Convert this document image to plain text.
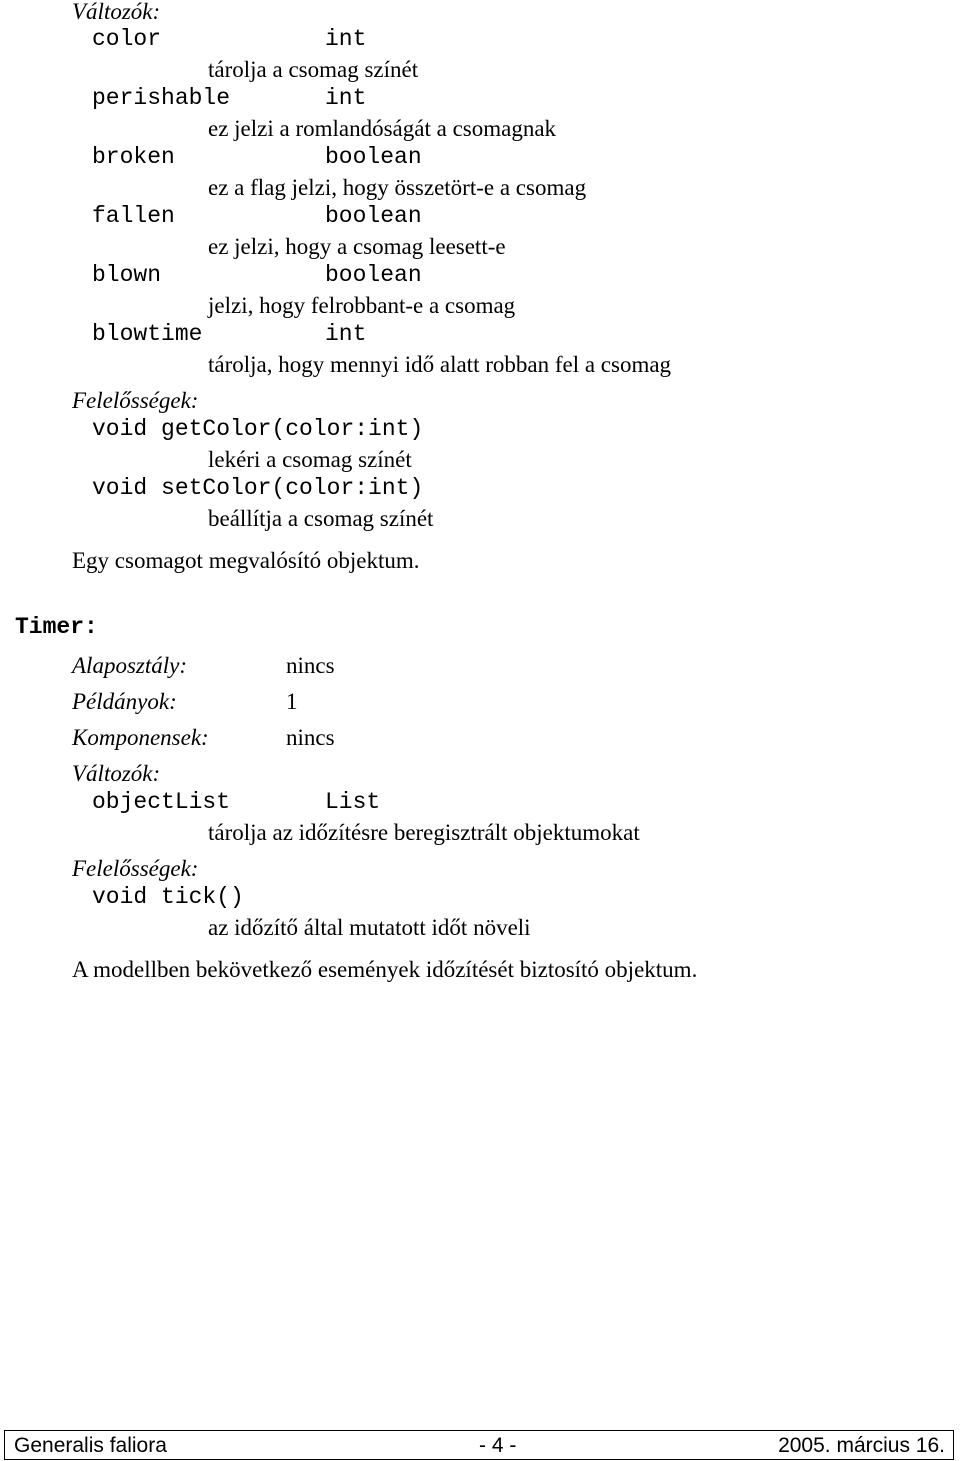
Változók:
color	int
tárolja a csomag színét
perishable	int
ez jelzi a romlandóságát a csomagnak
broken	boolean
ez a flag jelzi, hogy összetört-e a csomag
fallen	boolean
ez jelzi, hogy a csomag leesett-e
blown	boolean
jelzi, hogy felrobbant-e a csomag
blowtime	int
tárolja, hogy mennyi idő alatt robban fel a csomag
Felelősségek:
void getColor(color:int)
lekéri a csomag színét
void setColor(color:int)
beállítja a csomag színét
Egy csomagot megvalósító objektum.
Timer:
Alaposztály:	nincs
Példányok:	1
Komponensek:	nincs
Változók:
objectList	List
tárolja az időzítésre beregisztrált objektumokat
Felelősségek:
void tick()
az időzítő által mutatott időt növeli
A modellben bekövetkező események időzítését biztosító objektum.
Generalis faliora	- 4 -	2005. március 16.
